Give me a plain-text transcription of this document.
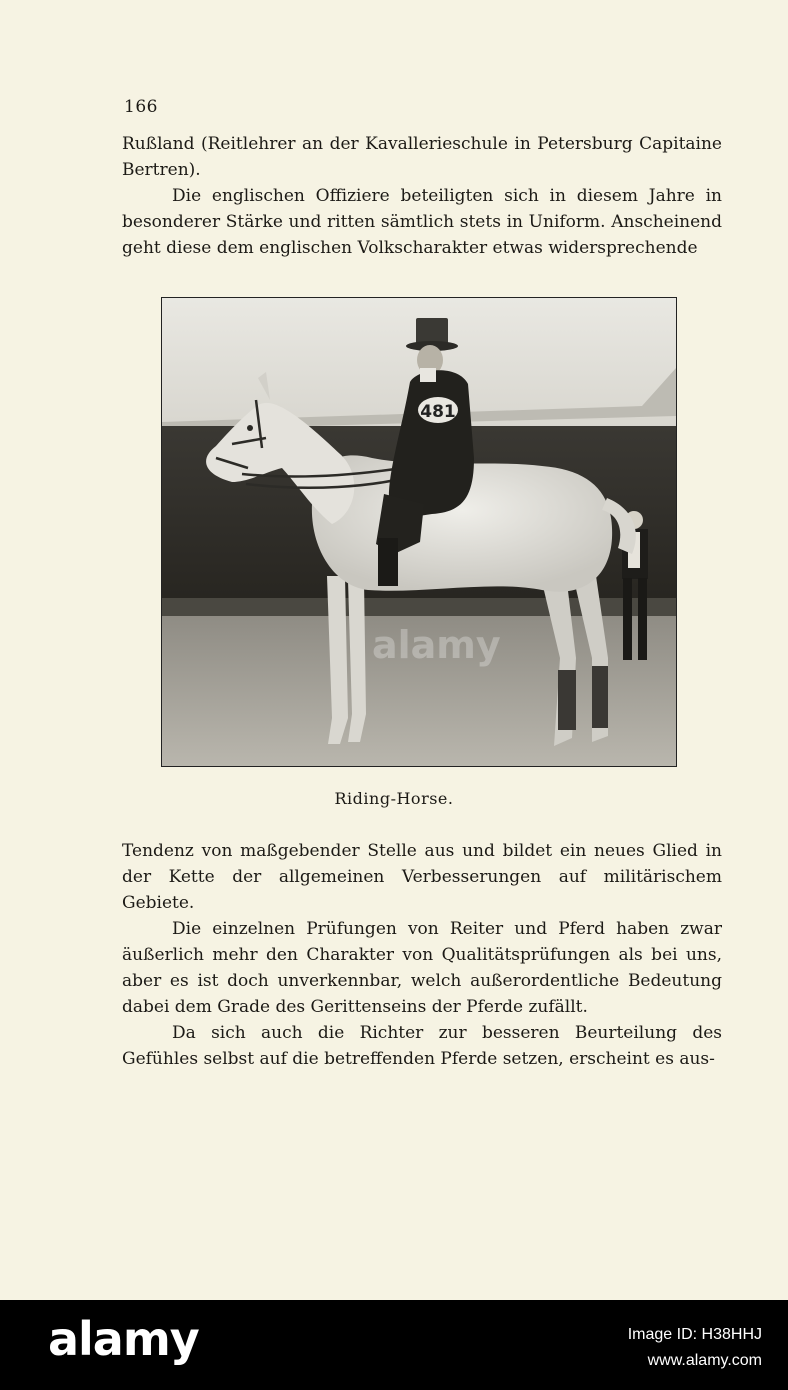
166

Rußland (Reitlehrer an der Kavallerieschule in Petersburg Capitaine Bertren).

Die englischen Offiziere beteiligten sich in diesem Jahre in besonderer Stärke und ritten sämtlich stets in Uniform. Anscheinend geht diese dem englischen Volkscharakter etwas widersprechende

481
alamy
Riding-Horse.

Tendenz von maßgebender Stelle aus und bildet ein neues Glied in der Kette der allgemeinen Verbesserungen auf militärischem Gebiete.

Die einzelnen Prüfungen von Reiter und Pferd haben zwar äußerlich mehr den Charakter von Qualitätsprüfungen als bei uns, aber es ist doch unverkennbar, welch außerordentliche Bedeutung dabei dem Grade des Gerittenseins der Pferde zufällt.

Da sich auch die Richter zur besseren Beurteilung des Gefühles selbst auf die betreffenden Pferde setzen, erscheint es aus-

alamy	Image ID: H38HHJ
www.alamy.com
